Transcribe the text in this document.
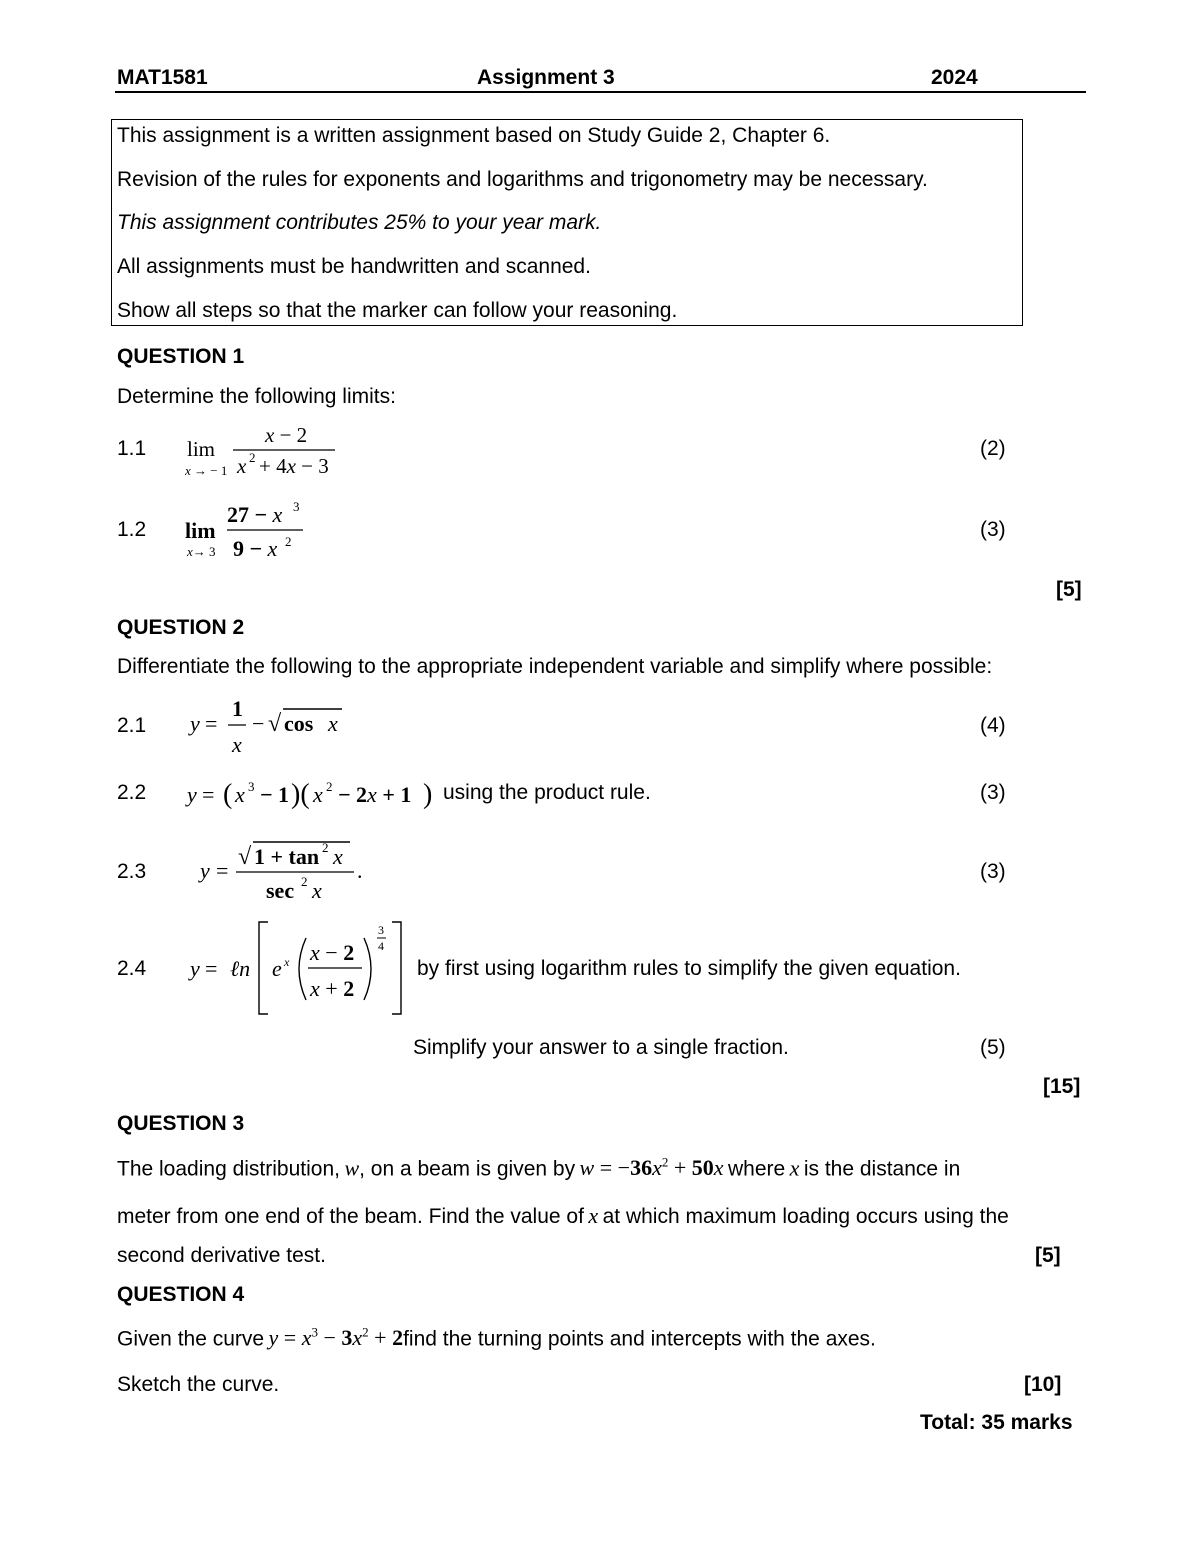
MAT1581	Assignment 3	2024
This assignment is a written assignment based on Study Guide 2, Chapter 6.
Revision of the rules for exponents and logarithms and trigonometry may be necessary.
This assignment contributes 25% to your year mark.
All assignments must be handwritten and scanned.
Show all steps so that the marker can follow your reasoning.
QUESTION 1
Determine the following limits:
1.1 lim
x → − 1
x − 2
x 2 + 4x − 3
(2)
1.2 lim
x→ 3
27 − x 3
9 − x 2
(3)
[5]
QUESTION 2
Differentiate the following to the appropriate independent variable and simplify where possible:
2.1 y =
1
x
− √ cos x	(4)
2.2 y = ( x 3 − 1 )( x 2 − 2x + 1 ) using the product rule.	(3)
2.3 y =
√ 1 + tan 2 x
sec 2 x
.	(3)
2.4 y = ℓn e x x − 2
x + 2
3
4
by first using logarithm rules to simplify the given equation.
Simplify your answer to a single fraction.	(5)
[15]
QUESTION 3
The loading distribution, w, on a beam is given by $w = -36x^2 + 50x$ where x is the distance in
meter from one end of the beam. Find the value of x at which maximum loading occurs using the
second derivative test.	[5]
QUESTION 4
Given the curve $y = x^3 - 3x^2$ + 2find the turning points and intercepts with the axes.
Sketch the curve.	[10]
Total: 35 marks
